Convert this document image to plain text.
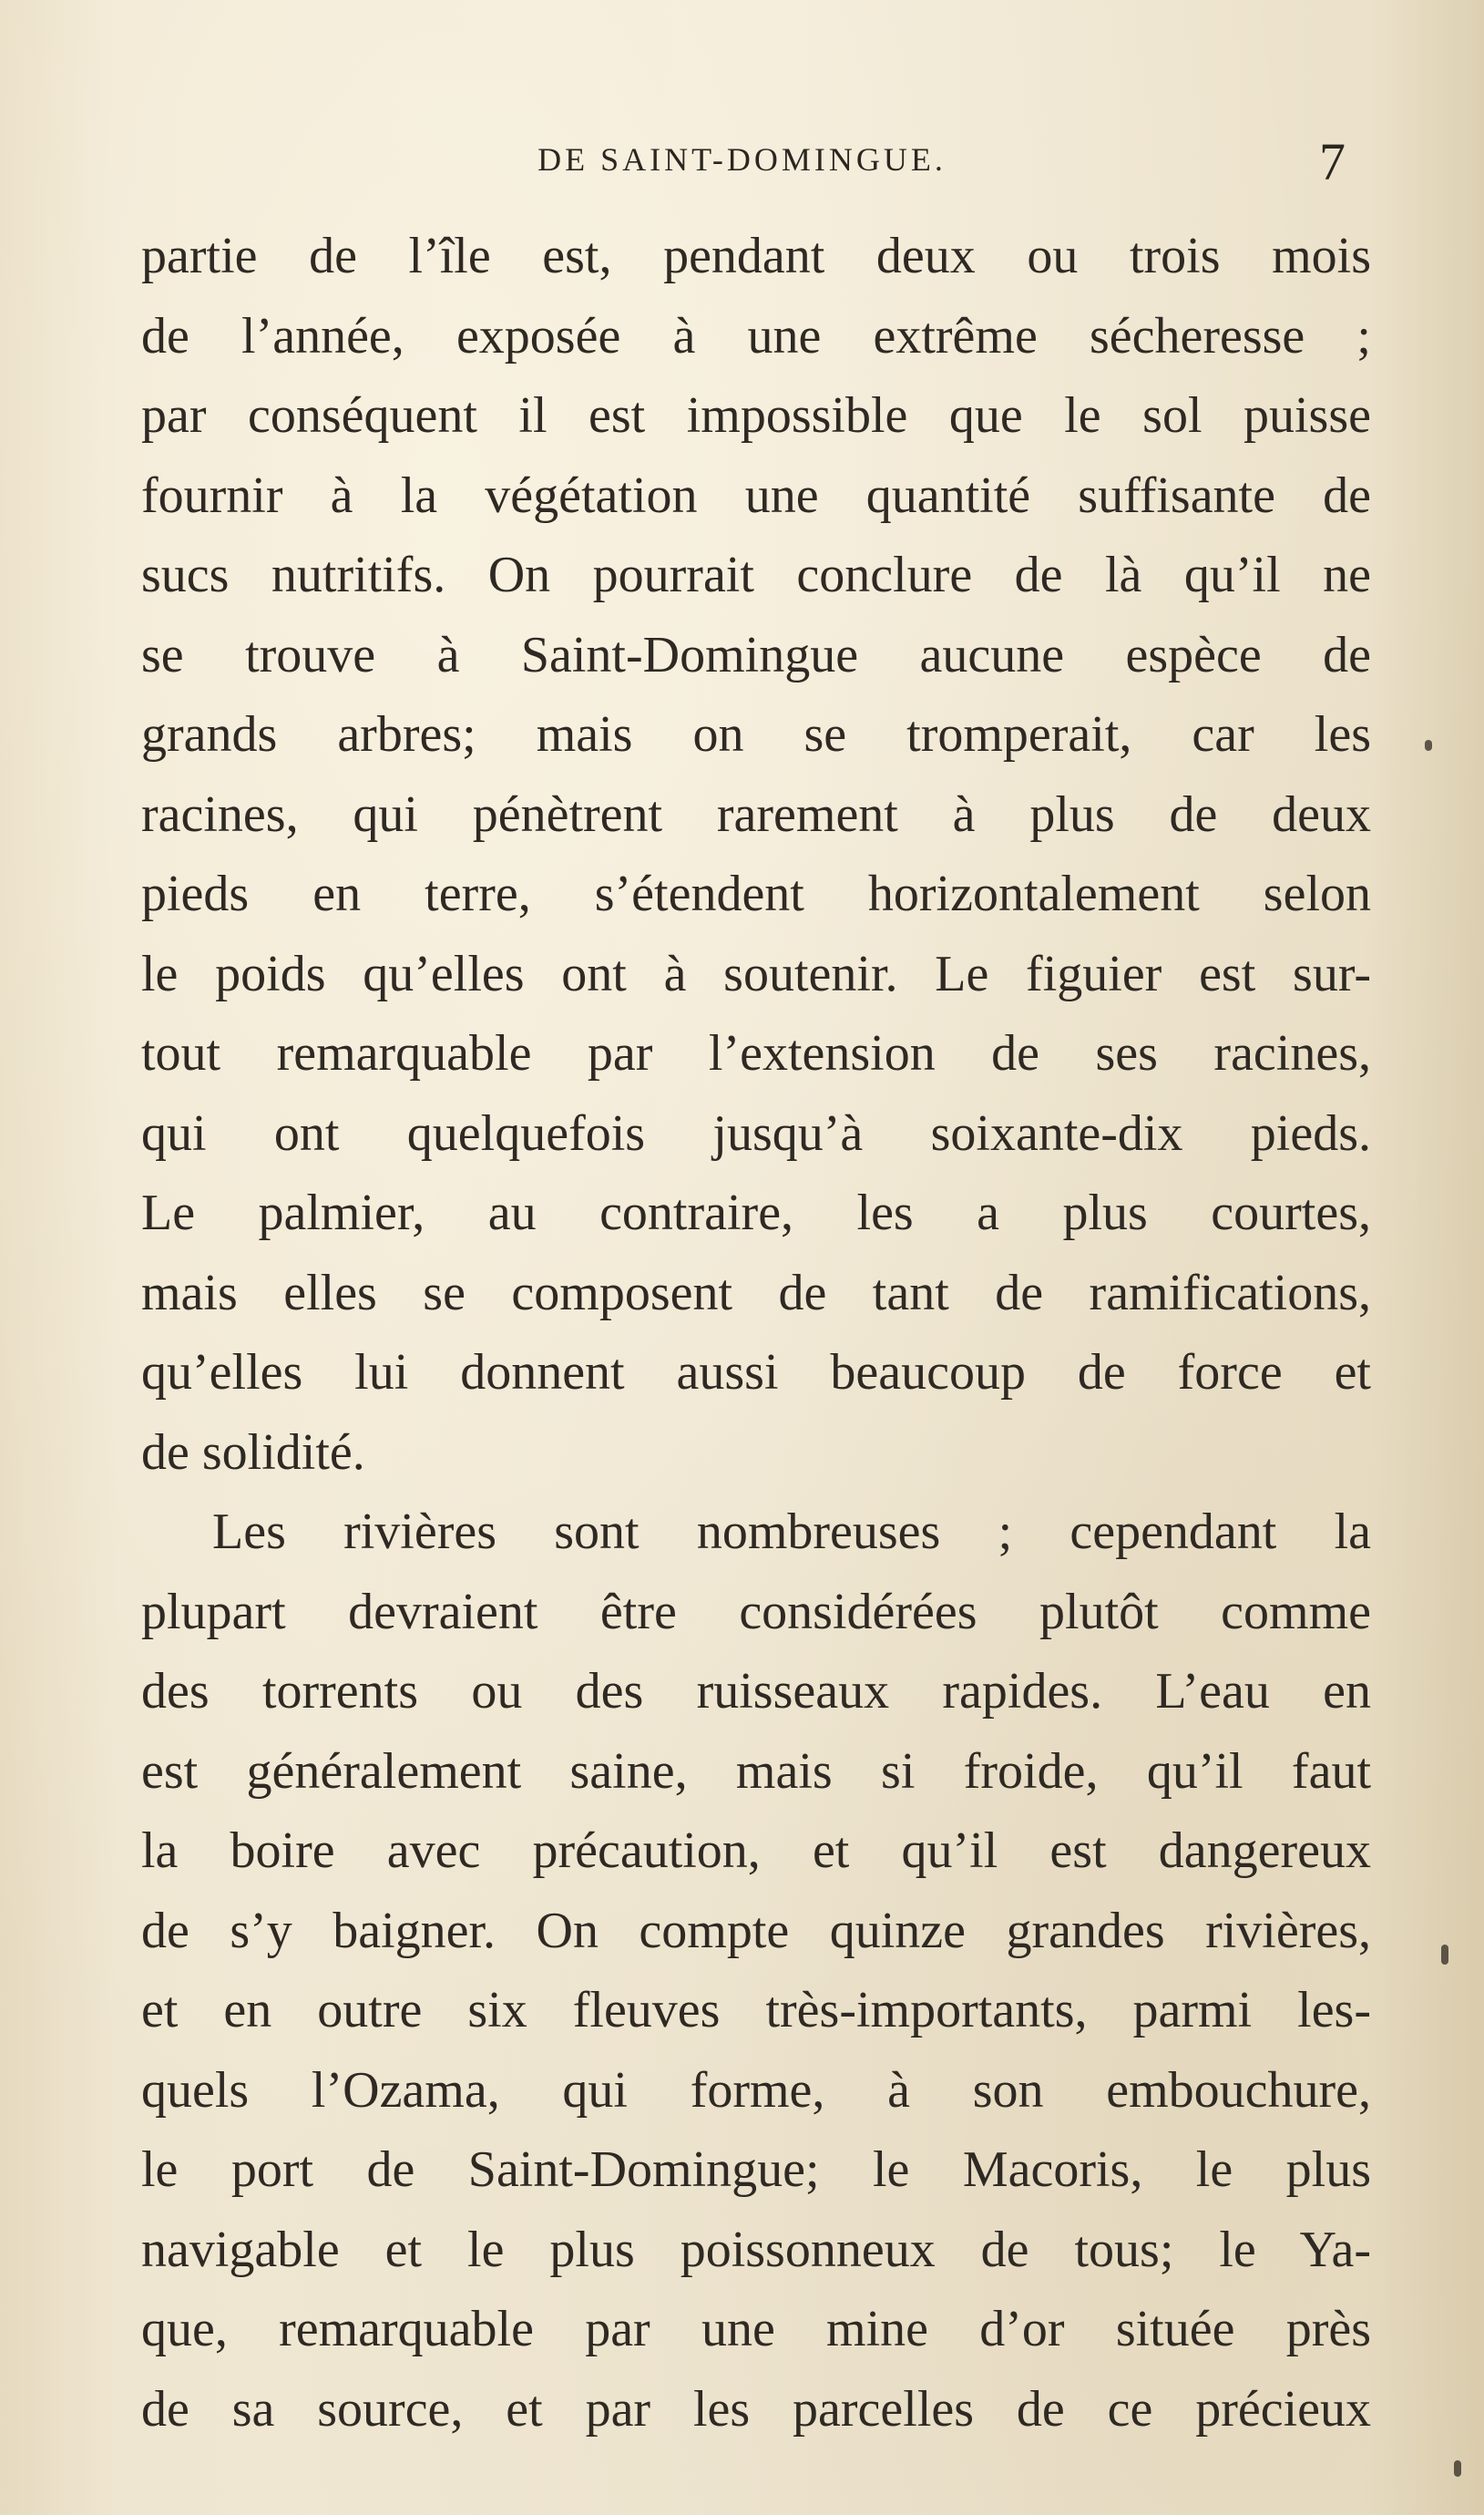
DE SAINT-DOMINGUE.	7
partie de l’île est, pendant deux ou trois mois
de l’année, exposée à une extrême sécheresse ;
par conséquent il est impossible que le sol puisse
fournir à la végétation une quantité suffisante de
sucs nutritifs. On pourrait conclure de là qu’il ne
se trouve à Saint-Domingue aucune espèce de
grands arbres; mais on se tromperait, car les
racines, qui pénètrent rarement à plus de deux
pieds en terre, s’étendent horizontalement selon
le poids qu’elles ont à soutenir. Le figuier est sur-
tout remarquable par l’extension de ses racines,
qui ont quelquefois jusqu’à soixante-dix pieds.
Le palmier, au contraire, les a plus courtes,
mais elles se composent de tant de ramifications,
qu’elles lui donnent aussi beaucoup de force et
de solidité.
Les rivières sont nombreuses ; cependant la
plupart devraient être considérées plutôt comme
des torrents ou des ruisseaux rapides. L’eau en
est généralement saine, mais si froide, qu’il faut
la boire avec précaution, et qu’il est dangereux
de s’y baigner. On compte quinze grandes rivières,
et en outre six fleuves très-importants, parmi les-
quels l’Ozama, qui forme, à son embouchure,
le port de Saint-Domingue; le Macoris, le plus
navigable et le plus poissonneux de tous; le Ya-
que, remarquable par une mine d’or située près
de sa source, et par les parcelles de ce précieux
